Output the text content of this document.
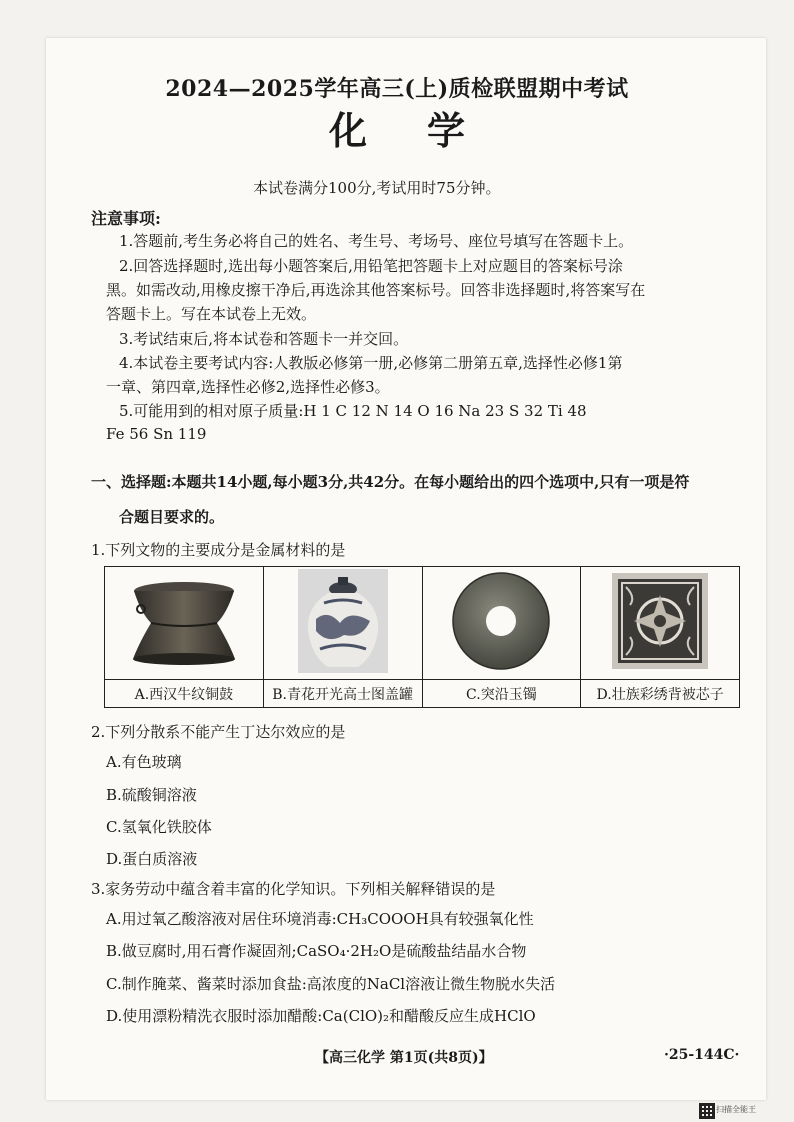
2024—2025学年高三(上)质检联盟期中考试
化学
本试卷满分100分,考试用时75分钟。
注意事项:
1.答题前,考生务必将自己的姓名、考生号、考场号、座位号填写在答题卡上。
2.回答选择题时,选出每小题答案后,用铅笔把答题卡上对应题目的答案标号涂
黑。如需改动,用橡皮擦干净后,再选涂其他答案标号。回答非选择题时,将答案写在
答题卡上。写在本试卷上无效。
3.考试结束后,将本试卷和答题卡一并交回。
4.本试卷主要考试内容:人教版必修第一册,必修第二册第五章,选择性必修1第
一章、第四章,选择性必修2,选择性必修3。
5.可能用到的相对原子质量:H 1 C 12 N 14 O 16 Na 23 S 32 Ti 48
Fe 56 Sn 119
一、选择题:本题共14小题,每小题3分,共42分。在每小题给出的四个选项中,只有一项是符
合题目要求的。
1.下列文物的主要成分是金属材料的是

A.西汉牛纹铜鼓	B.青花开光高士图盖罐	C.突沿玉镯	D.壮族彩绣背被芯子
2.下列分散系不能产生丁达尔效应的是
A.有色玻璃
B.硫酸铜溶液
C.氢氧化铁胶体
D.蛋白质溶液
3.家务劳动中蕴含着丰富的化学知识。下列相关解释错误的是
A.用过氧乙酸溶液对居住环境消毒:CH₃COOOH具有较强氧化性
B.做豆腐时,用石膏作凝固剂;CaSO₄·2H₂O是硫酸盐结晶水合物
C.制作腌菜、酱菜时添加食盐:高浓度的NaCl溶液让微生物脱水失活
D.使用漂粉精洗衣服时添加醋酸:Ca(ClO)₂和醋酸反应生成HClO
【高三化学 第1页(共8页)】	·25-144C·
扫描全能王
